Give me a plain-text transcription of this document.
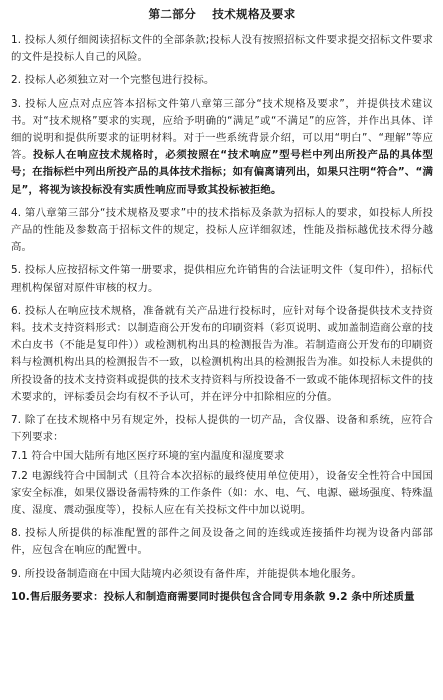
第二部分　 技术规格及要求

1. 投标人须仔细阅读招标文件的全部条款;投标人没有按照招标文件要求提交招标文件要求的文件是投标人自己的风险。

2. 投标人必须独立对一个完整包进行投标。

3. 投标人应点对点应答本招标文件第八章第三部分“技术规格及要求”，并提供技术建议书。对“技术规格”要求的实现，应给予明确的“满足”或“不满足”的应答，并作出具体、详细的说明和提供所要求的证明材料。对于一些系统背景介绍，可以用“明白”、“理解”等应答。投标人在响应技术规格时，必须按照在“技术响应”型号栏中列出所投产品的具体型号；在指标栏中列出所投产品的具体技术指标；如有偏离请列出，如果只注明“符合”、“满足”，将视为该投标没有实质性响应而导致其投标被拒绝。

4. 第八章第三部分“技术规格及要求”中的技术指标及条款为招标人的要求，如投标人所投产品的性能及参数高于招标文件的规定，投标人应详细叙述，性能及指标越优技术得分越高。

5. 投标人应按招标文件第一册要求，提供相应允许销售的合法证明文件（复印件），招标代理机构保留对原件审核的权力。

6. 投标人在响应技术规格，准备就有关产品进行投标时，应针对每个设备提供技术支持资料。技术支持资料形式：以制造商公开发布的印刷资料（彩页说明、或加盖制造商公章的技术白皮书（不能是复印件））或检测机构出具的检测报告为准。若制造商公开发布的印刷资料与检测机构出具的检测报告不一致，以检测机构出具的检测报告为准。如投标人未提供的所投设备的技术支持资料或提供的技术支持资料与所投设备不一致或不能体现招标文件的技术要求的，评标委员会均有权不予认可，并在评分中扣除相应的分值。

7. 除了在技术规格中另有规定外，投标人提供的一切产品，含仪器、设备和系统，应符合下列要求：

7.1 符合中国大陆所有地区医疗环境的室内温度和湿度要求

7.2 电源线符合中国制式（且符合本次招标的最终使用单位使用），设备安全性符合中国国家安全标准，如果仪器设备需特殊的工作条件（如：水、电、气、电源、磁场强度、特殊温度、湿度、震动强度等），投标人应在有关投标文件中加以说明。

8. 投标人所提供的标准配置的部件之间及设备之间的连线或连接插件均视为设备内部部件，应包含在响应的配置中。

9. 所投设备制造商在中国大陆境内必须设有备件库，并能提供本地化服务。

10.售后服务要求：投标人和制造商需要同时提供包含合同专用条款 9.2 条中所述质量
